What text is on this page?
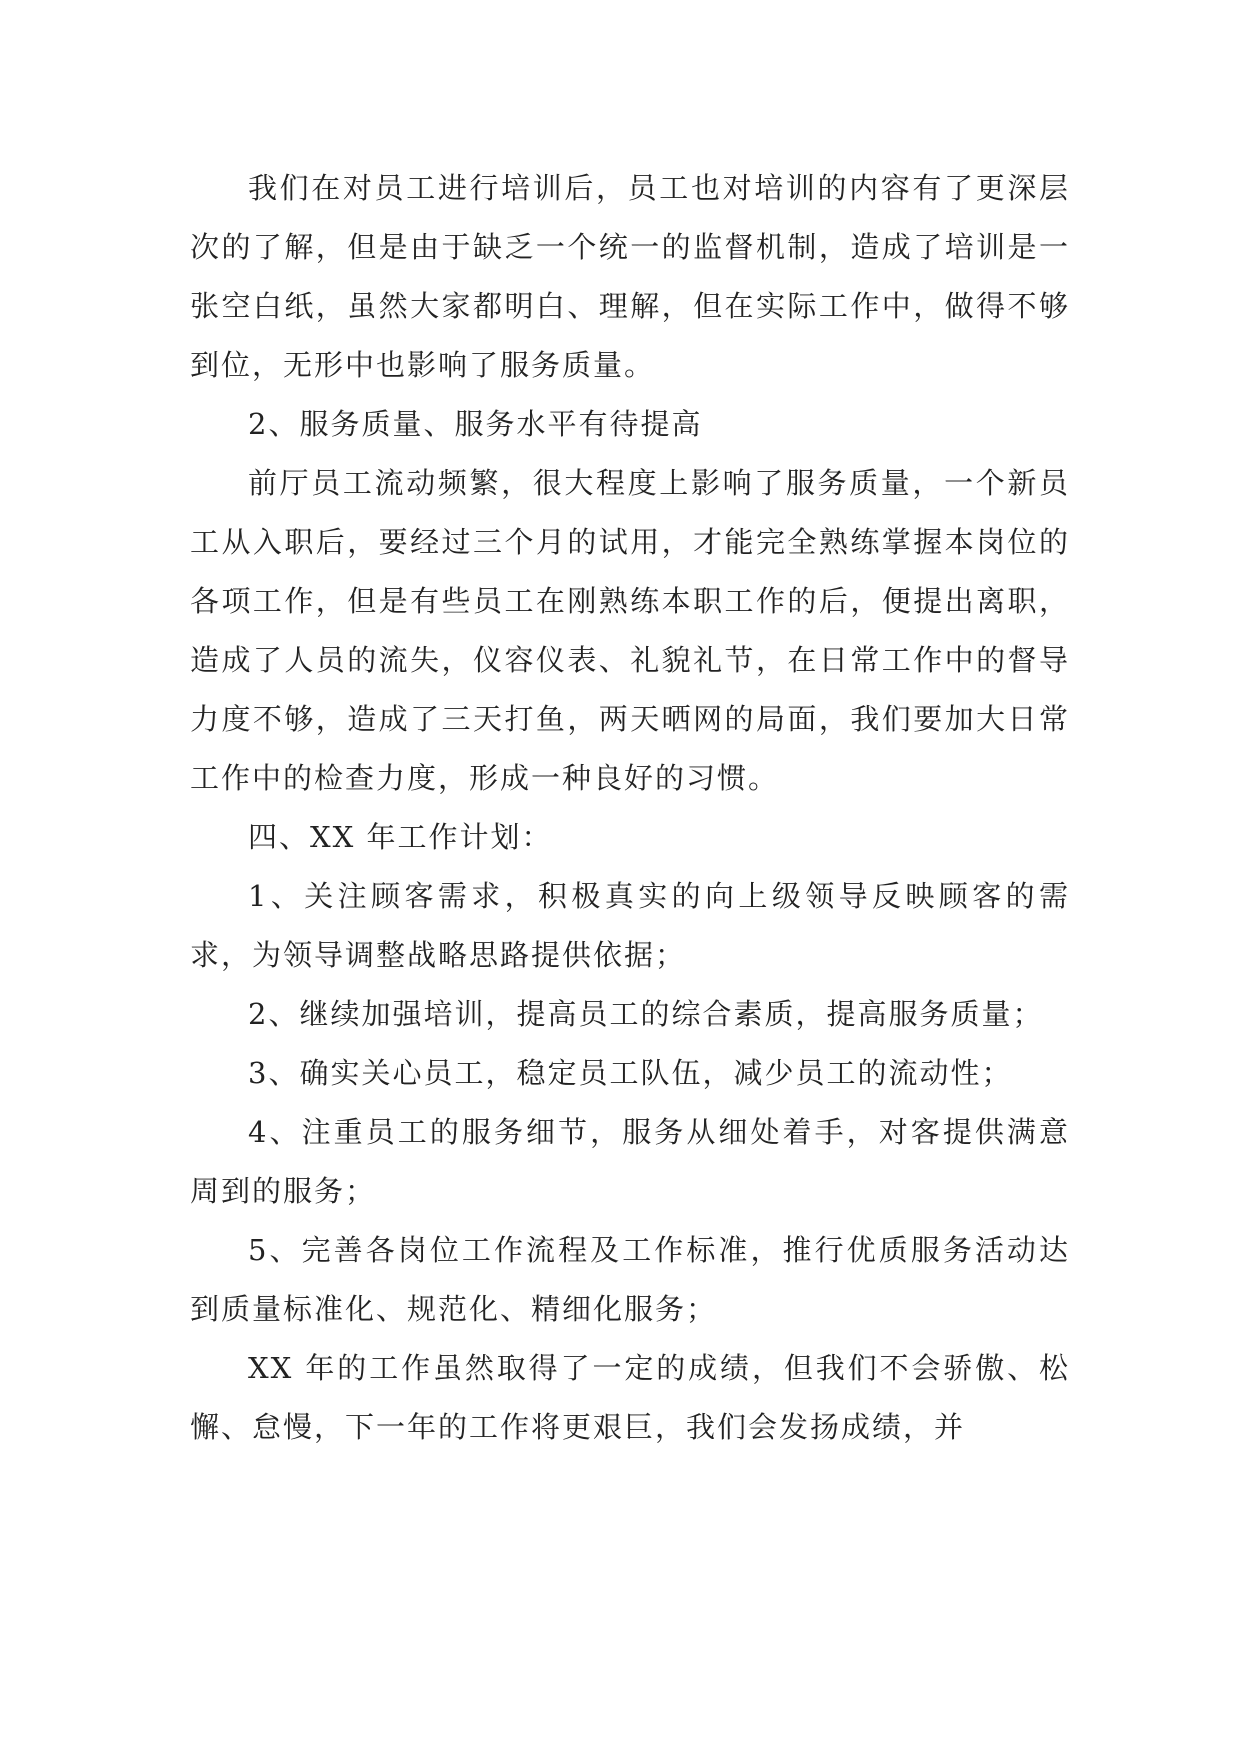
我们在对员工进行培训后，员工也对培训的内容有了更深层次的了解，但是由于缺乏一个统一的监督机制，造成了培训是一张空白纸，虽然大家都明白、理解，但在实际工作中，做得不够到位，无形中也影响了服务质量。

2、服务质量、服务水平有待提高

前厅员工流动频繁，很大程度上影响了服务质量，一个新员工从入职后，要经过三个月的试用，才能完全熟练掌握本岗位的各项工作，但是有些员工在刚熟练本职工作的后，便提出离职，造成了人员的流失，仪容仪表、礼貌礼节，在日常工作中的督导力度不够，造成了三天打鱼，两天晒网的局面，我们要加大日常工作中的检查力度，形成一种良好的习惯。

四、XX 年工作计划：

1、关注顾客需求，积极真实的向上级领导反映顾客的需求，为领导调整战略思路提供依据；

2、继续加强培训，提高员工的综合素质，提高服务质量；

3、确实关心员工，稳定员工队伍，减少员工的流动性；

4、注重员工的服务细节，服务从细处着手，对客提供满意周到的服务；

5、完善各岗位工作流程及工作标准，推行优质服务活动达到质量标准化、规范化、精细化服务；

XX 年的工作虽然取得了一定的成绩，但我们不会骄傲、松懈、怠慢，下一年的工作将更艰巨，我们会发扬成绩，并
